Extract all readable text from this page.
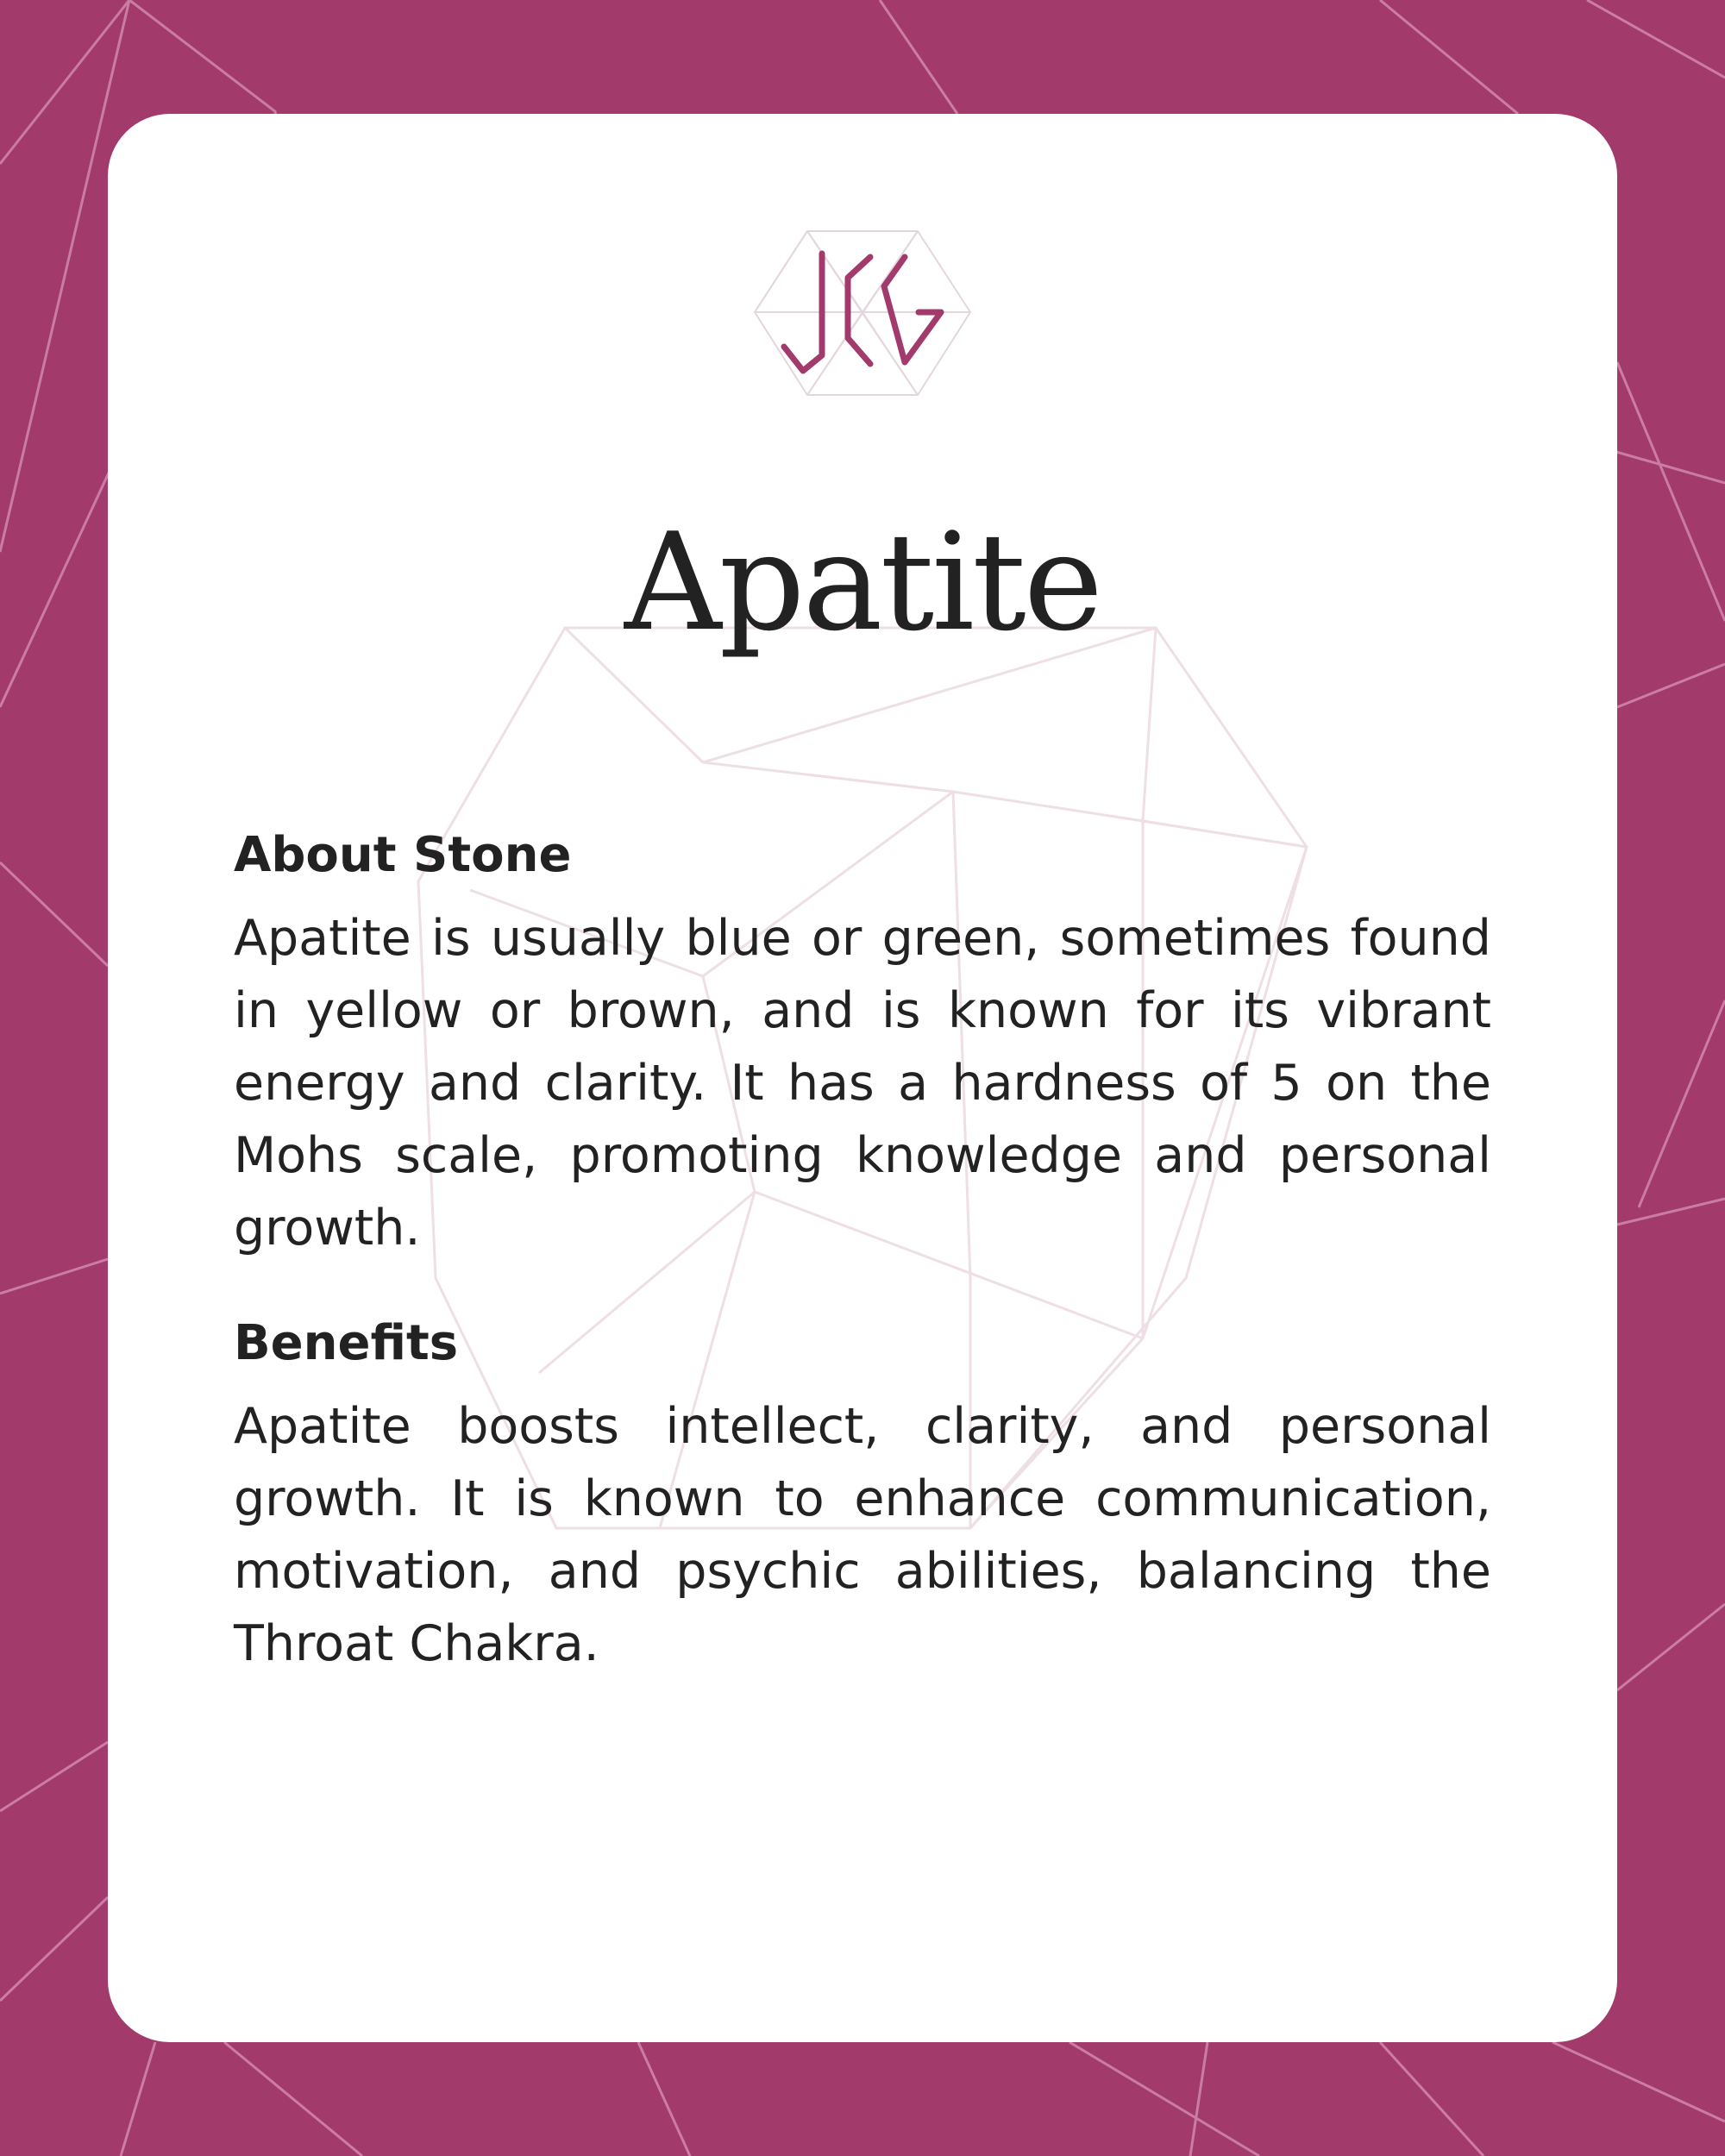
Apatite
About Stone

Apatite is usually blue or green, sometimes found in yellow or brown, and is known for its vibrant energy and clarity. It has a hardness of 5 on the Mohs scale, promoting knowledge and personal growth.

Benefits

Apatite boosts intellect, clarity, and personal growth. It is known to enhance communication, motivation, and psychic abilities, balancing the Throat Chakra.
